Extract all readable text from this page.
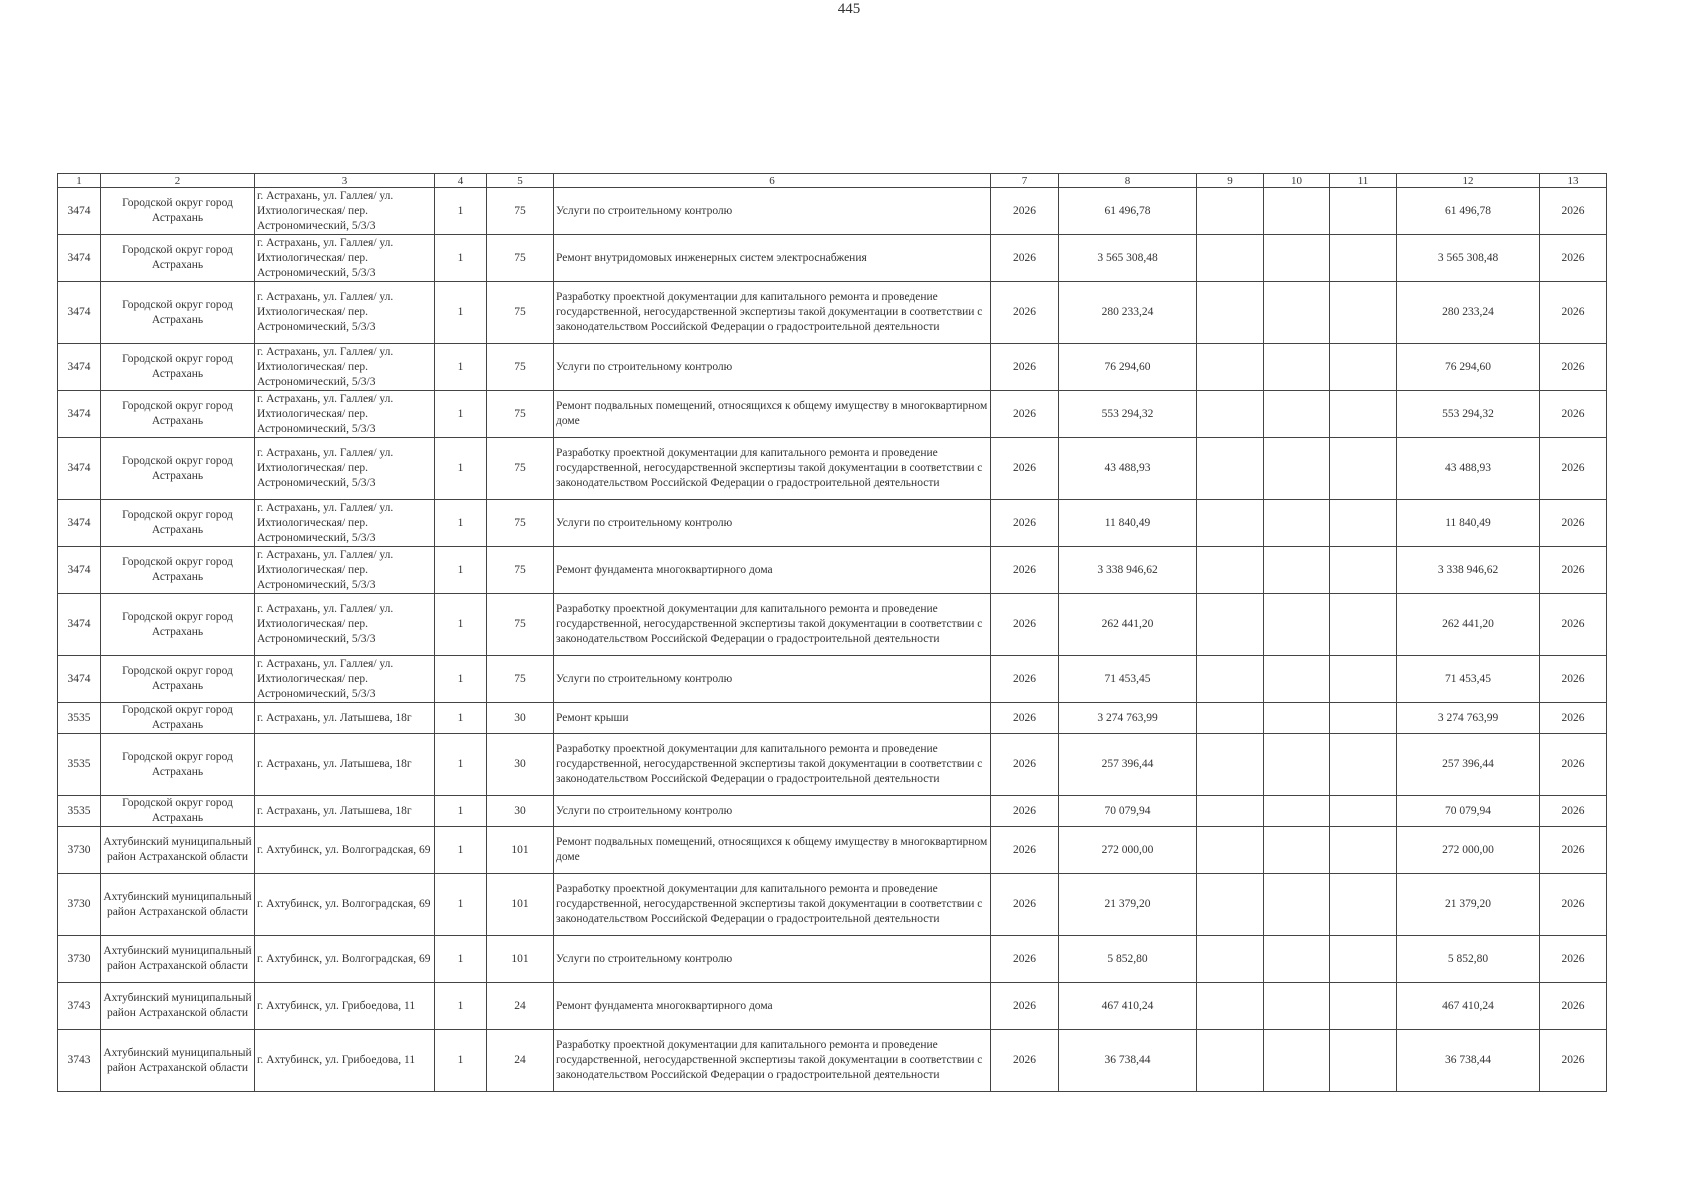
445
1	2	3	4	5	6	7	8	9	10	11	12	13
3474	Городской округ город Астрахань	г. Астрахань, ул. Галлея/ ул. Ихтиологическая/ пер. Астрономический, 5/3/3	1	75	Услуги по строительному контролю	2026	61 496,78				61 496,78	2026
3474	Городской округ город Астрахань	г. Астрахань, ул. Галлея/ ул. Ихтиологическая/ пер. Астрономический, 5/3/3	1	75	Ремонт внутридомовых инженерных систем электроснабжения	2026	3 565 308,48				3 565 308,48	2026
3474	Городской округ город Астрахань	г. Астрахань, ул. Галлея/ ул. Ихтиологическая/ пер. Астрономический, 5/3/3	1	75	Разработку проектной документации для капитального ремонта и проведение государственной, негосударственной экспертизы такой документации в соответствии с законодательством Российской Федерации о градостроительной деятельности	2026	280 233,24				280 233,24	2026
3474	Городской округ город Астрахань	г. Астрахань, ул. Галлея/ ул. Ихтиологическая/ пер. Астрономический, 5/3/3	1	75	Услуги по строительному контролю	2026	76 294,60				76 294,60	2026
3474	Городской округ город Астрахань	г. Астрахань, ул. Галлея/ ул. Ихтиологическая/ пер. Астрономический, 5/3/3	1	75	Ремонт подвальных помещений, относящихся к общему имуществу в многоквартирном доме	2026	553 294,32				553 294,32	2026
3474	Городской округ город Астрахань	г. Астрахань, ул. Галлея/ ул. Ихтиологическая/ пер. Астрономический, 5/3/3	1	75	Разработку проектной документации для капитального ремонта и проведение государственной, негосударственной экспертизы такой документации в соответствии с законодательством Российской Федерации о градостроительной деятельности	2026	43 488,93				43 488,93	2026
3474	Городской округ город Астрахань	г. Астрахань, ул. Галлея/ ул. Ихтиологическая/ пер. Астрономический, 5/3/3	1	75	Услуги по строительному контролю	2026	11 840,49				11 840,49	2026
3474	Городской округ город Астрахань	г. Астрахань, ул. Галлея/ ул. Ихтиологическая/ пер. Астрономический, 5/3/3	1	75	Ремонт фундамента многоквартирного дома	2026	3 338 946,62				3 338 946,62	2026
3474	Городской округ город Астрахань	г. Астрахань, ул. Галлея/ ул. Ихтиологическая/ пер. Астрономический, 5/3/3	1	75	Разработку проектной документации для капитального ремонта и проведение государственной, негосударственной экспертизы такой документации в соответствии с законодательством Российской Федерации о градостроительной деятельности	2026	262 441,20				262 441,20	2026
3474	Городской округ город Астрахань	г. Астрахань, ул. Галлея/ ул. Ихтиологическая/ пер. Астрономический, 5/3/3	1	75	Услуги по строительному контролю	2026	71 453,45				71 453,45	2026
3535	Городской округ город Астрахань	г. Астрахань, ул. Латышева, 18г	1	30	Ремонт крыши	2026	3 274 763,99				3 274 763,99	2026
3535	Городской округ город Астрахань	г. Астрахань, ул. Латышева, 18г	1	30	Разработку проектной документации для капитального ремонта и проведение государственной, негосударственной экспертизы такой документации в соответствии с законодательством Российской Федерации о градостроительной деятельности	2026	257 396,44				257 396,44	2026
3535	Городской округ город Астрахань	г. Астрахань, ул. Латышева, 18г	1	30	Услуги по строительному контролю	2026	70 079,94				70 079,94	2026
3730	Ахтубинский муниципальный район Астраханской области	г. Ахтубинск, ул. Волгоградская, 69	1	101	Ремонт подвальных помещений, относящихся к общему имуществу в многоквартирном доме	2026	272 000,00				272 000,00	2026
3730	Ахтубинский муниципальный район Астраханской области	г. Ахтубинск, ул. Волгоградская, 69	1	101	Разработку проектной документации для капитального ремонта и проведение государственной, негосударственной экспертизы такой документации в соответствии с законодательством Российской Федерации о градостроительной деятельности	2026	21 379,20				21 379,20	2026
3730	Ахтубинский муниципальный район Астраханской области	г. Ахтубинск, ул. Волгоградская, 69	1	101	Услуги по строительному контролю	2026	5 852,80				5 852,80	2026
3743	Ахтубинский муниципальный район Астраханской области	г. Ахтубинск, ул. Грибоедова, 11	1	24	Ремонт фундамента многоквартирного дома	2026	467 410,24				467 410,24	2026
3743	Ахтубинский муниципальный район Астраханской области	г. Ахтубинск, ул. Грибоедова, 11	1	24	Разработку проектной документации для капитального ремонта и проведение государственной, негосударственной экспертизы такой документации в соответствии с законодательством Российской Федерации о градостроительной деятельности	2026	36 738,44				36 738,44	2026
